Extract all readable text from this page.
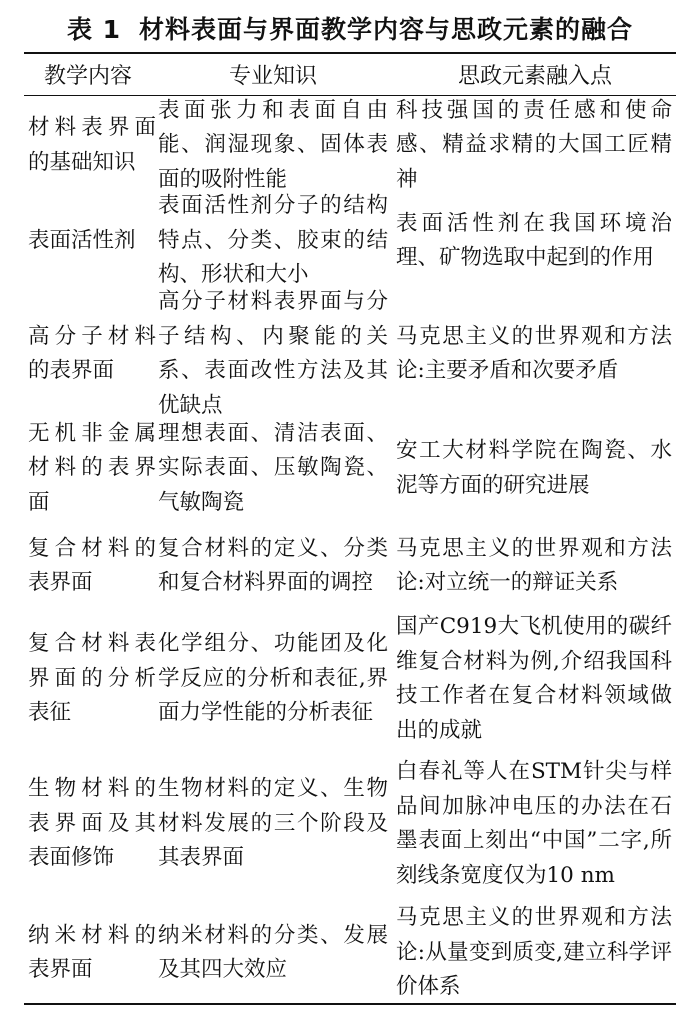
表 1 材料表面与界面教学内容与思政元素的融合
教学内容	专业知识	思政元素融入点
材料表界面的基础知识
表面张力和表面自由能、润湿现象、固体表面的吸附性能
科技强国的责任感和使命感、精益求精的大国工匠精神
表面活性剂
表面活性剂分子的结构特点、分类、胶束的结构、形状和大小
表面活性剂在我国环境治理、矿物选取中起到的作用
高分子材料的表界面
高分子材料表界面与分子结构、内聚能的关系、表面改性方法及其优缺点
马克思主义的世界观和方法论:主要矛盾和次要矛盾
无机非金属材料的表界面
理想表面、清洁表面、实际表面、压敏陶瓷、气敏陶瓷
安工大材料学院在陶瓷、水泥等方面的研究进展
复合材料的表界面
复合材料的定义、分类和复合材料界面的调控
马克思主义的世界观和方法论:对立统一的辩证关系
复合材料表界面的分析表征
化学组分、功能团及化学反应的分析和表征,界面力学性能的分析表征
国产C919大飞机使用的碳纤维复合材料为例,介绍我国科技工作者在复合材料领域做出的成就
生物材料的表界面及其表面修饰
生物材料的定义、生物材料发展的三个阶段及其表界面
白春礼等人在STM针尖与样品间加脉冲电压的办法在石墨表面上刻出“中国”二字,所刻线条宽度仅为10 nm
纳米材料的表界面
纳米材料的分类、发展及其四大效应
马克思主义的世界观和方法论:从量变到质变,建立科学评价体系
